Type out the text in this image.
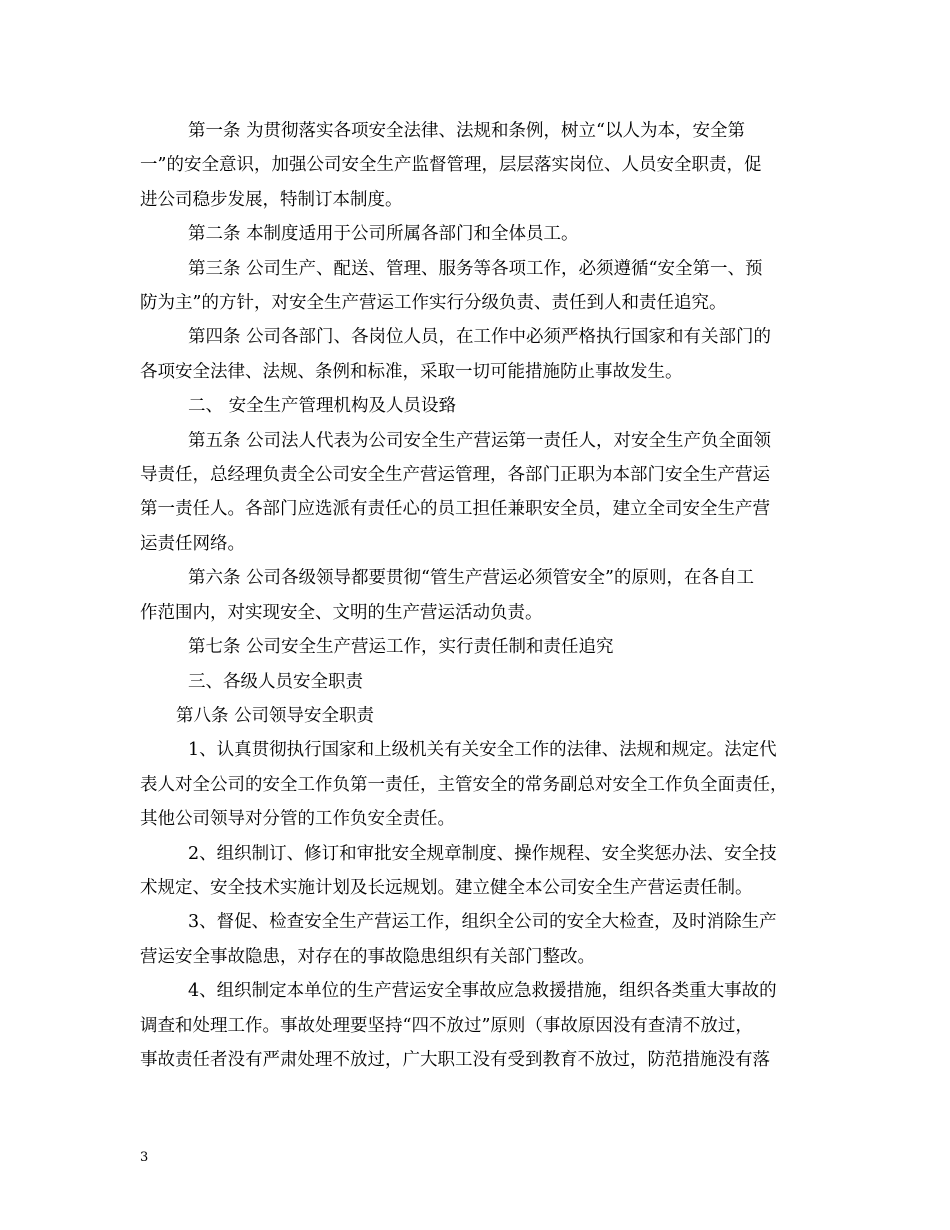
第一条 为贯彻落实各项安全法律、法规和条例，树立“以人为本，安全第

一”的安全意识，加强公司安全生产监督管理，层层落实岗位、人员安全职责，促

进公司稳步发展，特制订本制度。

第二条 本制度适用于公司所属各部门和全体员工。

第三条 公司生产、配送、管理、服务等各项工作，必须遵循“安全第一、预

防为主”的方针，对安全生产营运工作实行分级负责、责任到人和责任追究。

第四条 公司各部门、各岗位人员，在工作中必须严格执行国家和有关部门的

各项安全法律、法规、条例和标准，采取一切可能措施防止事故发生。

二、 安全生产管理机构及人员设臵

第五条 公司法人代表为公司安全生产营运第一责任人，对安全生产负全面领

导责任，总经理负责全公司安全生产营运管理，各部门正职为本部门安全生产营运

第一责任人。各部门应选派有责任心的员工担任兼职安全员，建立全司安全生产营

运责任网络。

第六条 公司各级领导都要贯彻“管生产营运必须管安全”的原则，在各自工

作范围内，对实现安全、文明的生产营运活动负责。

第七条 公司安全生产营运工作，实行责任制和责任追究

三、各级人员安全职责

第八条 公司领导安全职责

1、认真贯彻执行国家和上级机关有关安全工作的法律、法规和规定。法定代

表人对全公司的安全工作负第一责任，主管安全的常务副总对安全工作负全面责任，

其他公司领导对分管的工作负安全责任。

2、组织制订、修订和审批安全规章制度、操作规程、安全奖惩办法、安全技

术规定、安全技术实施计划及长远规划。建立健全本公司安全生产营运责任制。

3、督促、检查安全生产营运工作，组织全公司的安全大检查，及时消除生产

营运安全事故隐患，对存在的事故隐患组织有关部门整改。

4、组织制定本单位的生产营运安全事故应急救援措施，组织各类重大事故的

调查和处理工作。事故处理要坚持“四不放过”原则（事故原因没有查清不放过，

事故责任者没有严肃处理不放过，广大职工没有受到教育不放过，防范措施没有落

3
